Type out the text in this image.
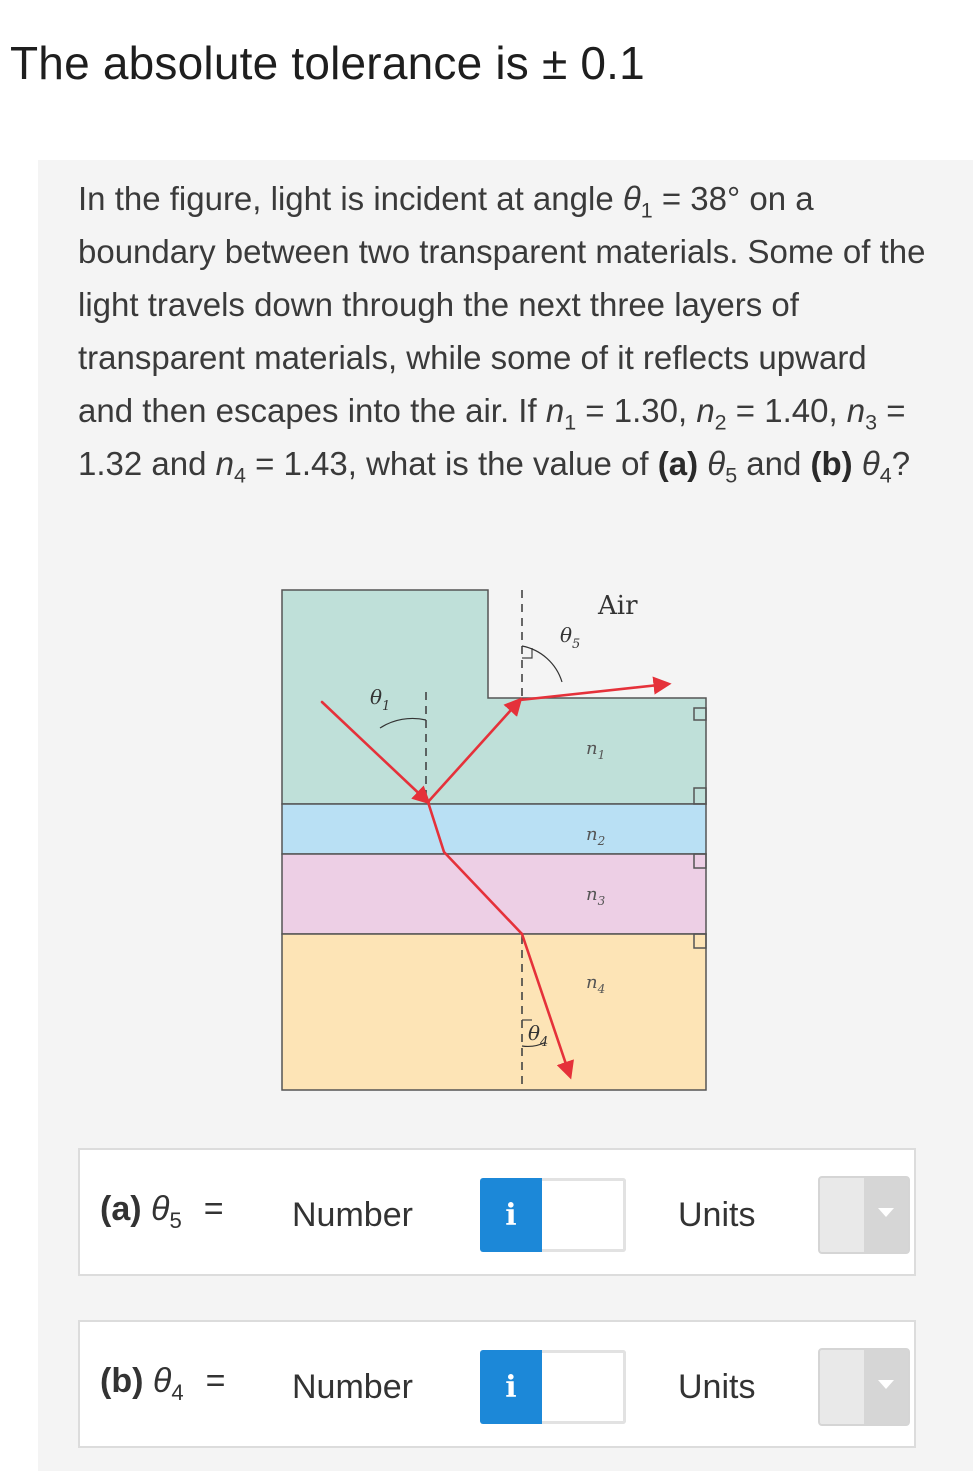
The absolute tolerance is ± 0.1

In the figure, light is incident at angle $\theta_1 = 38^\circ$ on a boundary between two transparent materials. Some of the light travels down through the next three layers of transparent materials, while some of it reflects upward and then escapes into the air. If $n_1 = 1.30$, $n_2 = 1.40$, $n_3 = 1.32$ and $n_4 = 1.43$, what is the value of (a) $\theta_5$ and (b) $\theta_4$?

Air
$\theta_5$
$\theta_1$
$\theta_4$
$n_1$
$n_2$
$n_3$
$n_4$
(a) $\theta_5$ = Number	i	Units
(b) $\theta_4$ = Number	i	Units
